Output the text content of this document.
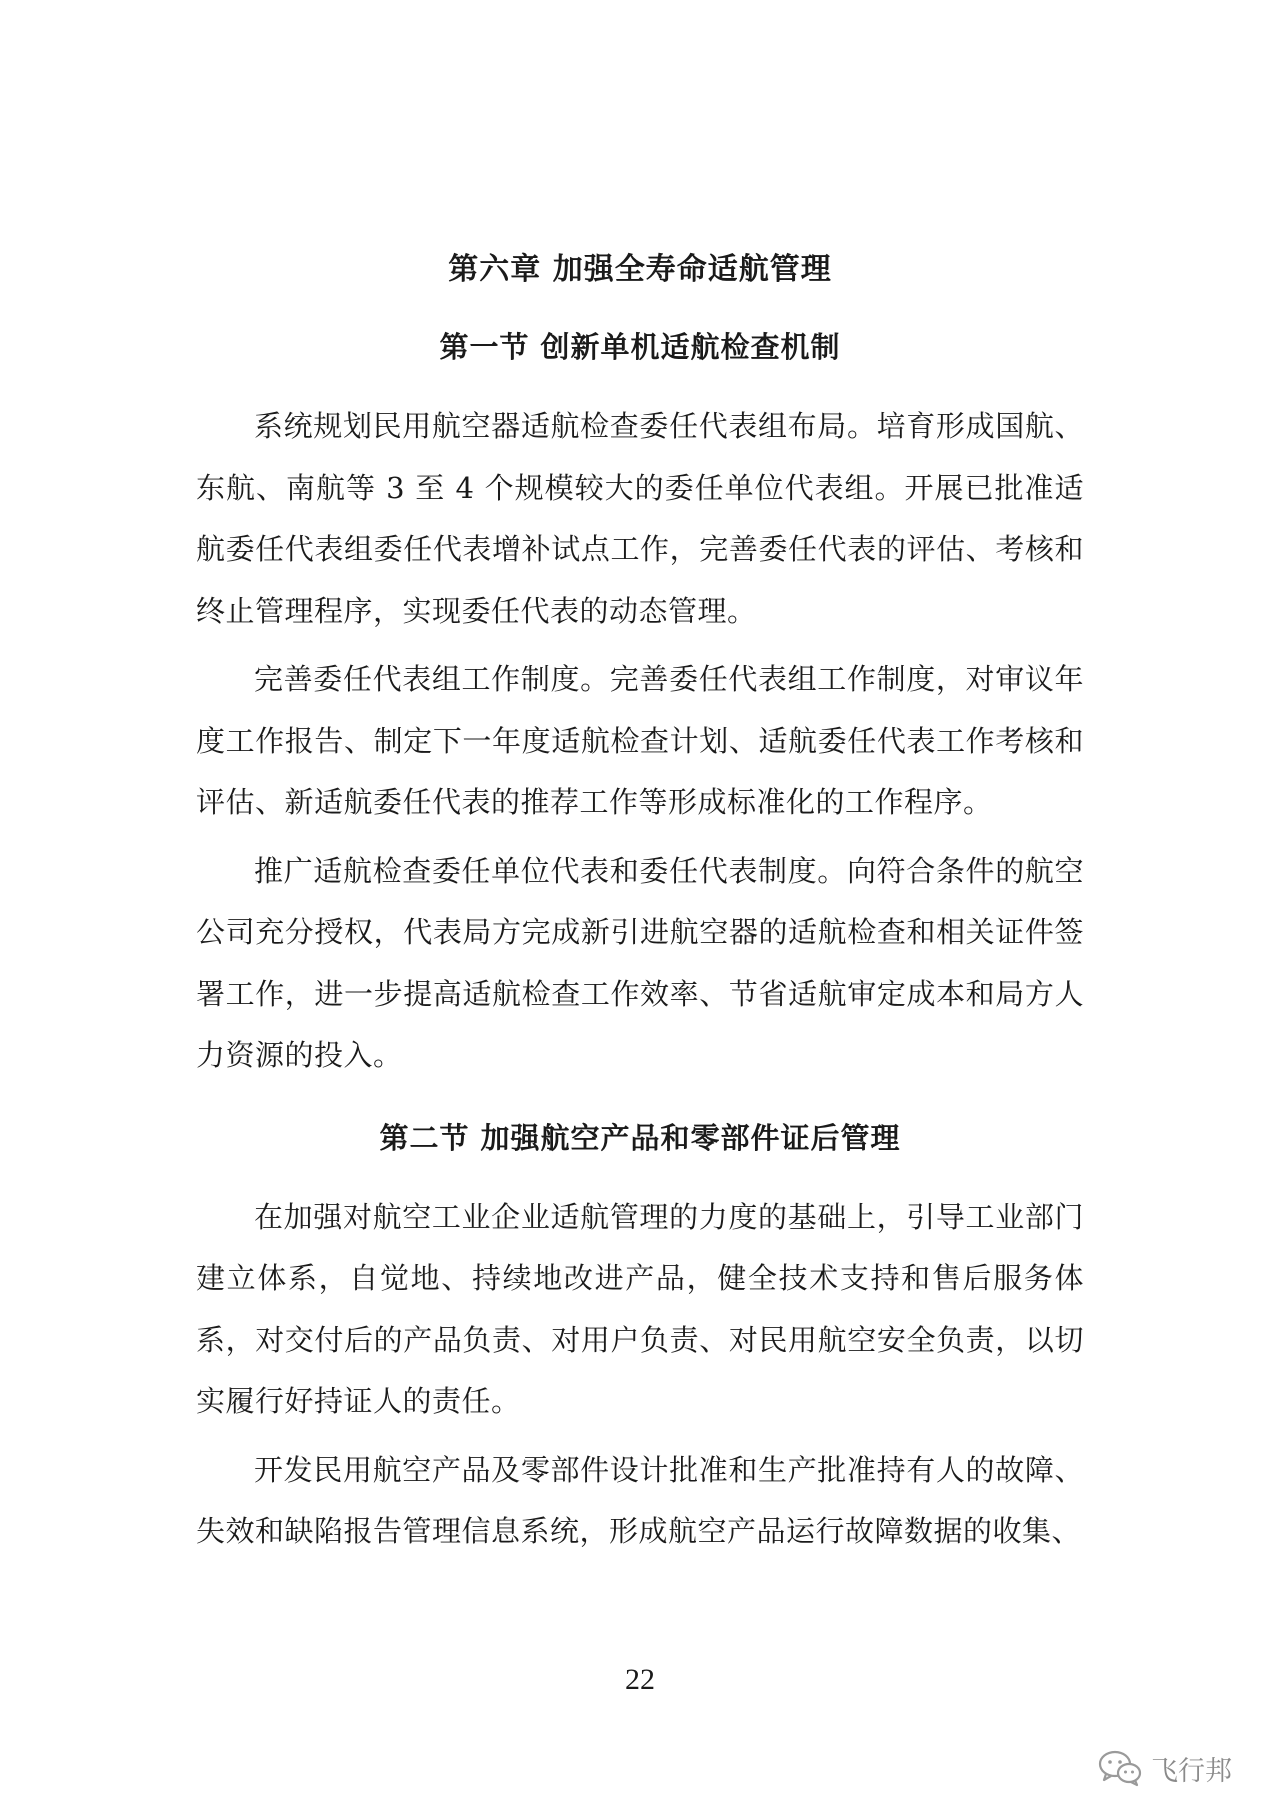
第六章 加强全寿命适航管理
第一节 创新单机适航检查机制

系统规划民用航空器适航检查委任代表组布局。培育形成国航、东航、南航等 3 至 4 个规模较大的委任单位代表组。开展已批准适航委任代表组委任代表增补试点工作，完善委任代表的评估、考核和终止管理程序，实现委任代表的动态管理。

完善委任代表组工作制度。完善委任代表组工作制度，对审议年度工作报告、制定下一年度适航检查计划、适航委任代表工作考核和评估、新适航委任代表的推荐工作等形成标准化的工作程序。

推广适航检查委任单位代表和委任代表制度。向符合条件的航空公司充分授权，代表局方完成新引进航空器的适航检查和相关证件签署工作，进一步提高适航检查工作效率、节省适航审定成本和局方人力资源的投入。

第二节 加强航空产品和零部件证后管理

在加强对航空工业企业适航管理的力度的基础上，引导工业部门建立体系，自觉地、持续地改进产品，健全技术支持和售后服务体系，对交付后的产品负责、对用户负责、对民用航空安全负责，以切实履行好持证人的责任。

开发民用航空产品及零部件设计批准和生产批准持有人的故障、失效和缺陷报告管理信息系统，形成航空产品运行故障数据的收集、

22
飞行邦
